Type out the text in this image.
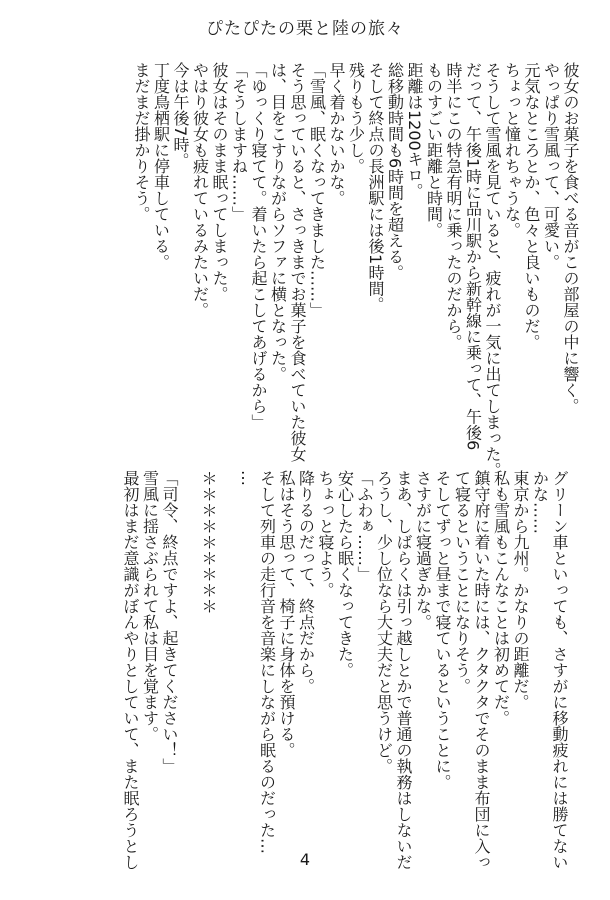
ぴたぴたの栗と陸の旅々
彼女のお菓子を食べる音がこの部屋の中に響く。
やっぱり雪風って、可愛い。
元気なところとか、色々と良いものだ。
ちょっと憧れちゃうな。
そうして雪風を見ていると、疲れが一気に出てしまった。
だって、午後1時に品川駅から新幹線に乗って、午後6
時半にこの特急有明に乗ったのだから。
ものすごい距離と時間。
距離は1200キロ。
総移動時間も6時間を超える。
そして終点の長洲駅には後1時間。
残りもう少し。
早く着かないかな。
「雪風、眠くなってきました……」
そう思っていると、さっきまでお菓子を食べていた彼女
は、目をこすりながらソファに横となった。
「ゆっくり寝てて。着いたら起こしてあげるから」
「そうしますね……」
彼女はそのまま眠ってしまった。
やはり彼女も疲れているみたいだ。
今は午後7時。
丁度鳥栖駅に停車している。
まだまだ掛かりそう。
グリーン車といっても、さすがに移動疲れには勝てない
かな……
東京から九州。かなりの距離だ。
私も雪風もこんなことは初めてだ。
鎮守府に着いた時には、クタクタでそのまま布団に入っ
て寝るということになりそう。
そしてずっと昼まで寝ているということに。
さすがに寝過ぎかな。
まあ、しばらくは引っ越しとかで普通の執務はしないだ
ろうし、少し位なら大丈夫だと思うけど。
「ふわぁ……」
安心したら眠くなってきた。
ちょっと寝よう。
降りるのだって、終点だから。
私はそう思って、椅子に身体を預ける。
そして列車の走行音を音楽にしながら眠るのだった…
…

＊＊＊＊＊＊＊＊＊

「司令、終点ですよ、起きてください！」
雪風に揺さぶられて私は目を覚ます。
最初はまだ意識がぼんやりとしていて、また眠ろうとし	4
